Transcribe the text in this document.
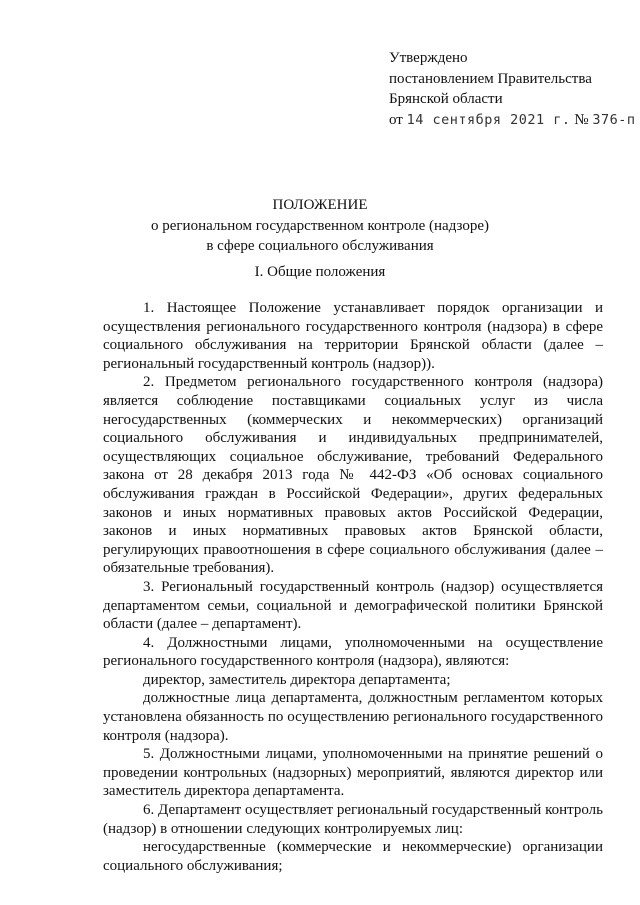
Утверждено
постановлением Правительства
Брянской области
от 14 сентября 2021 г. № 376-п
ПОЛОЖЕНИЕ
о региональном государственном контроле (надзоре)
в сфере социального обслуживания
I. Общие положения

1. Настоящее Положение устанавливает порядок организации и осуществления регионального государственного контроля (надзора) в сфере социального обслуживания на территории Брянской области (далее – региональный государственный контроль (надзор)).

2. Предметом регионального государственного контроля (надзора) является соблюдение поставщиками социальных услуг из числа негосударственных (коммерческих и некоммерческих) организаций социального обслуживания и индивидуальных предпринимателей, осуществляющих социальное обслуживание, требований Федерального закона от 28 декабря 2013 года № 442-ФЗ «Об основах социального обслуживания граждан в Российской Федерации», других федеральных законов и иных нормативных правовых актов Российской Федерации, законов и иных нормативных правовых актов Брянской области, регулирующих правоотношения в сфере социального обслуживания (далее – обязательные требования).

3. Региональный государственный контроль (надзор) осуществляется департаментом семьи, социальной и демографической политики Брянской области (далее – департамент).

4. Должностными лицами, уполномоченными на осуществление регионального государственного контроля (надзора), являются:

директор, заместитель директора департамента;

должностные лица департамента, должностным регламентом которых установлена обязанность по осуществлению регионального государственного контроля (надзора).

5. Должностными лицами, уполномоченными на принятие решений о проведении контрольных (надзорных) мероприятий, являются директор или заместитель директора департамента.

6. Департамент осуществляет региональный государственный контроль (надзор) в отношении следующих контролируемых лиц:

негосударственные (коммерческие и некоммерческие) организации социального обслуживания;
